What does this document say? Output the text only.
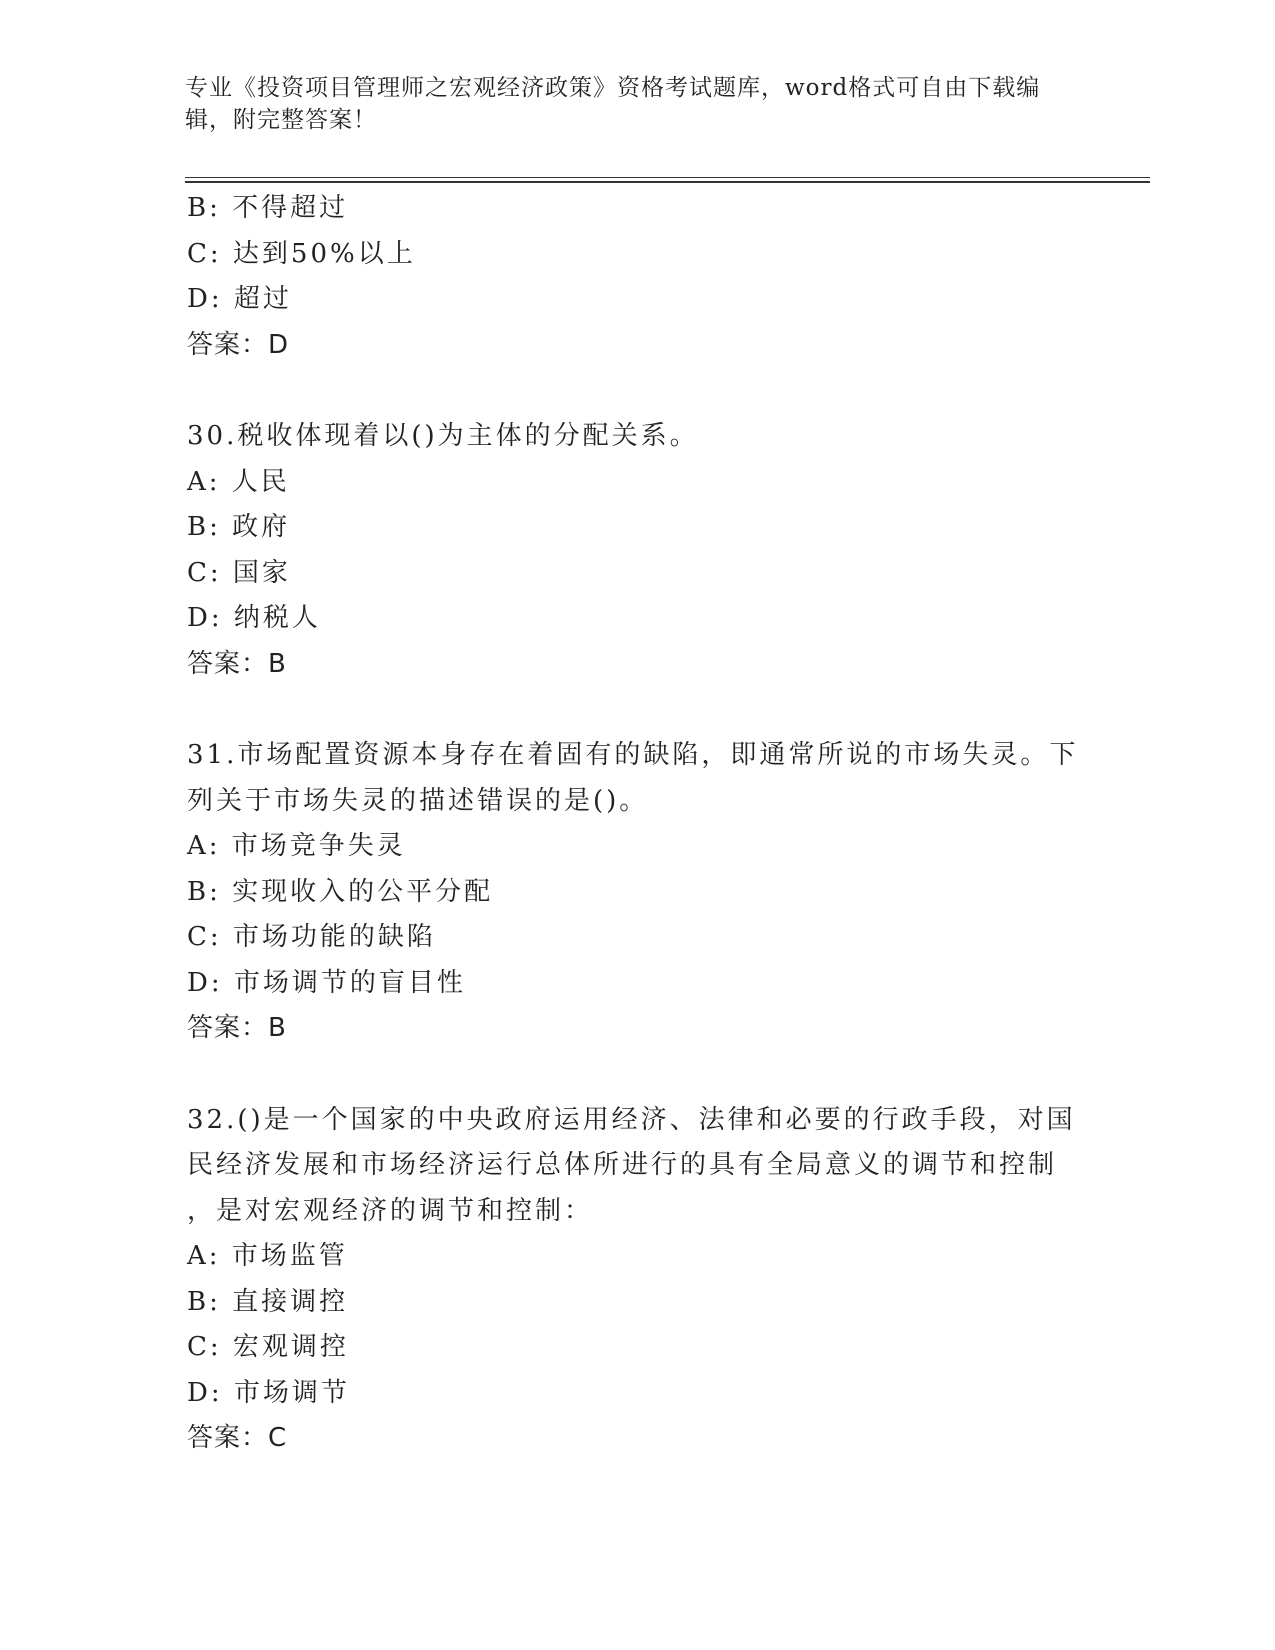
专业《投资项目管理师之宏观经济政策》资格考试题库，word格式可自由下载编辑，附完整答案！
B: 不得超过
C: 达到50%以上
D: 超过
答案：D
30.税收体现着以()为主体的分配关系。
A: 人民
B: 政府
C: 国家
D: 纳税人
答案：B
31.市场配置资源本身存在着固有的缺陷，即通常所说的市场失灵。下
列关于市场失灵的描述错误的是()。
A: 市场竞争失灵
B: 实现收入的公平分配
C: 市场功能的缺陷
D: 市场调节的盲目性
答案：B
32.()是一个国家的中央政府运用经济、法律和必要的行政手段，对国
民经济发展和市场经济运行总体所进行的具有全局意义的调节和控制
，是对宏观经济的调节和控制：
A: 市场监管
B: 直接调控
C: 宏观调控
D: 市场调节
答案：C
